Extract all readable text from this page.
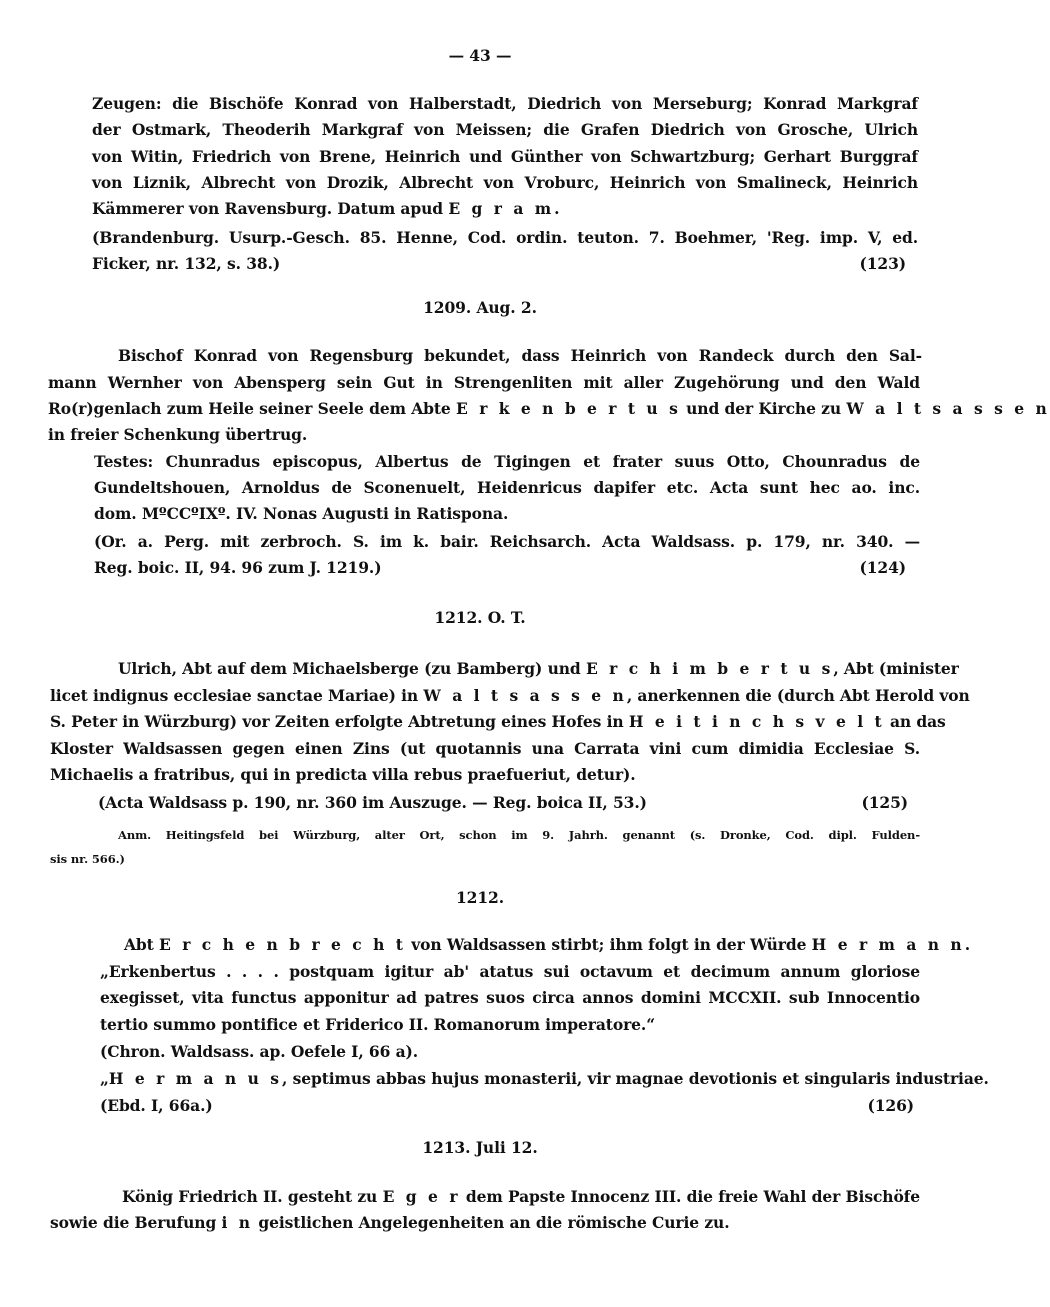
— 43 —
Zeugen: die Bischöfe Konrad von Halberstadt, Diedrich von Merseburg; Konrad Markgraf
der Ostmark, Theoderih Markgraf von Meissen; die Grafen Diedrich von Grosche, Ulrich
von Witin, Friedrich von Brene, Heinrich und Günther von Schwartzburg; Gerhart Burggraf
von Liznik, Albrecht von Drozik, Albrecht von Vroburc, Heinrich von Smalineck, Heinrich
Kämmerer von Ravensburg. Datum apud E g r a m.
(Brandenburg. Usurp.-Gesch. 85. Henne, Cod. ordin. teuton. 7. Boehmer, 'Reg. imp. V, ed.
Ficker, nr. 132, s. 38.)	(123)
1209. Aug. 2.
Bischof Konrad von Regensburg bekundet, dass Heinrich von Randeck durch den Sal-
mann Wernher von Abensperg sein Gut in Strengenliten mit aller Zugehörung und den Wald
Ro(r)genlach zum Heile seiner Seele dem Abte E r k e n b e r t u s und der Kirche zu W a l t s a s s e n
in freier Schenkung übertrug.
Testes: Chunradus episcopus, Albertus de Tigingen et frater suus Otto, Chounradus de
Gundeltshouen, Arnoldus de Sconenuelt, Heidenricus dapifer etc. Acta sunt hec ao. inc.
dom. MºCCºIXº. IV. Nonas Augusti in Ratispona.
(Or. a. Perg. mit zerbroch. S. im k. bair. Reichsarch. Acta Waldsass. p. 179, nr. 340. —
Reg. boic. II, 94. 96 zum J. 1219.)	(124)
1212. O. T.
Ulrich, Abt auf dem Michaelsberge (zu Bamberg) und E r c h i m b e r t u s, Abt (minister
licet indignus ecclesiae sanctae Mariae) in W a l t s a s s e n, anerkennen die (durch Abt Herold von
S. Peter in Würzburg) vor Zeiten erfolgte Abtretung eines Hofes in H e i t i n c h s v e l t an das
Kloster Waldsassen gegen einen Zins (ut quotannis una Carrata vini cum dimidia Ecclesiae S.
Michaelis a fratribus, qui in predicta villa rebus praefueriut, detur).
(Acta Waldsass p. 190, nr. 360 im Auszuge. — Reg. boica II, 53.)	(125)
Anm. Heitingsfeld bei Würzburg, alter Ort, schon im 9. Jahrh. genannt (s. Dronke, Cod. dipl. Fulden-
sis nr. 566.)
1212.
Abt E r c h e n b r e c h t von Waldsassen stirbt; ihm folgt in der Würde H e r m a n n.
„Erkenbertus . . . . postquam igitur ab' atatus sui octavum et decimum annum gloriose
exegisset, vita functus apponitur ad patres suos circa annos domini MCCXII. sub Innocentio
tertio summo pontifice et Friderico II. Romanorum imperatore.“
(Chron. Waldsass. ap. Oefele I, 66 a).
„H e r m a n u s, septimus abbas hujus monasterii, vir magnae devotionis et singularis industriae.
(Ebd. I, 66a.)	(126)
1213. Juli 12.
König Friedrich II. gesteht zu E g e r dem Papste Innocenz III. die freie Wahl der Bischöfe
sowie die Berufung i n geistlichen Angelegenheiten an die römische Curie zu.
